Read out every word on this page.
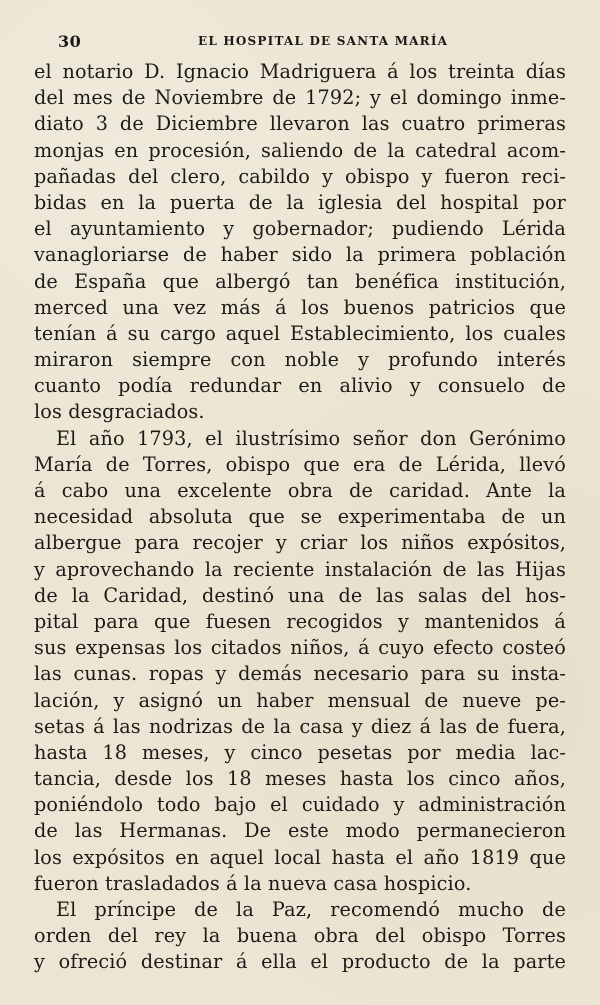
30	EL HOSPITAL DE SANTA MARÍA
el notario D. Ignacio Madriguera á los treinta días
del mes de Noviembre de 1792; y el domingo inme-
diato 3 de Diciembre llevaron las cuatro primeras
monjas en procesión, saliendo de la catedral acom-
pañadas del clero, cabildo y obispo y fueron reci-
bidas en la puerta de la iglesia del hospital por
el ayuntamiento y gobernador; pudiendo Lérida
vanagloriarse de haber sido la primera población
de España que albergó tan benéfica institución,
merced una vez más á los buenos patricios que
tenían á su cargo aquel Establecimiento, los cuales
miraron siempre con noble y profundo interés
cuanto podía redundar en alivio y consuelo de
los desgraciados.
El año 1793, el ilustrísimo señor don Gerónimo
María de Torres, obispo que era de Lérida, llevó
á cabo una excelente obra de caridad. Ante la
necesidad absoluta que se experimentaba de un
albergue para recojer y criar los niños expósitos,
y aprovechando la reciente instalación de las Hijas
de la Caridad, destinó una de las salas del hos-
pital para que fuesen recogidos y mantenidos á
sus expensas los citados niños, á cuyo efecto costeó
las cunas. ropas y demás necesario para su insta-
lación, y asignó un haber mensual de nueve pe-
setas á las nodrizas de la casa y diez á las de fuera,
hasta 18 meses, y cinco pesetas por media lac-
tancia, desde los 18 meses hasta los cinco años,
poniéndolo todo bajo el cuidado y administración
de las Hermanas. De este modo permanecieron
los expósitos en aquel local hasta el año 1819 que
fueron trasladados á la nueva casa hospicio.
El príncipe de la Paz, recomendó mucho de
orden del rey la buena obra del obispo Torres
y ofreció destinar á ella el producto de la parte
